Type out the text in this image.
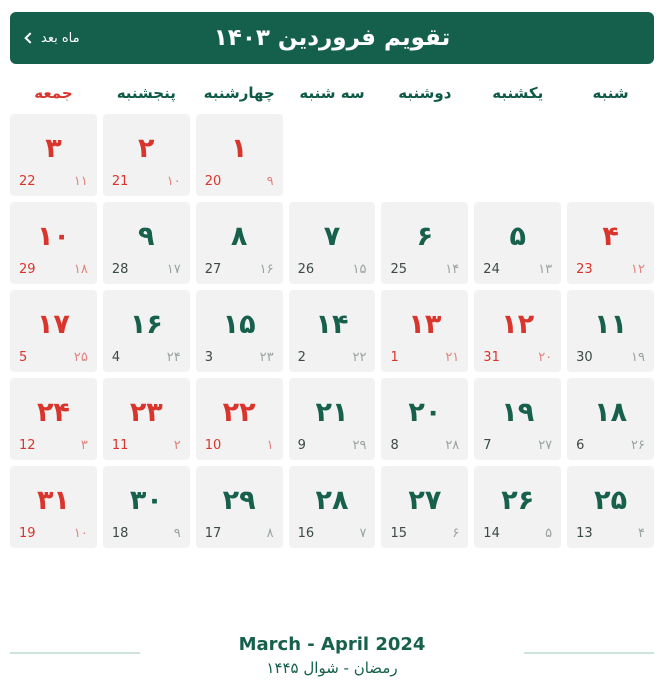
ماه بعد	تقویم فروردین ۱۴۰۳
شنبه
یکشنبه
دوشنبه
سه شنبه
چهارشنبه
پنجشنبه
جمعه
۱
۹
20
۲
۱۰
21
۳
۱۱
22
۴
۱۲
23
۵
۱۳
24
۶
۱۴
25
۷
۱۵
26
۸
۱۶
27
۹
۱۷
28
۱۰
۱۸
29
۱۱
۱۹
30
۱۲
۲۰
31
۱۳
۲۱
1
۱۴
۲۲
2
۱۵
۲۳
3
۱۶
۲۴
4
۱۷
۲۵
5
۱۸
۲۶
6
۱۹
۲۷
7
۲۰
۲۸
8
۲۱
۲۹
9
۲۲
۱
10
۲۳
۲
11
۲۴
۳
12
۲۵
۴
13
۲۶
۵
14
۲۷
۶
15
۲۸
۷
16
۲۹
۸
17
۳۰
۹
18
۳۱
۱۰
19
March - April 2024
رمضان - شوال ۱۴۴۵
